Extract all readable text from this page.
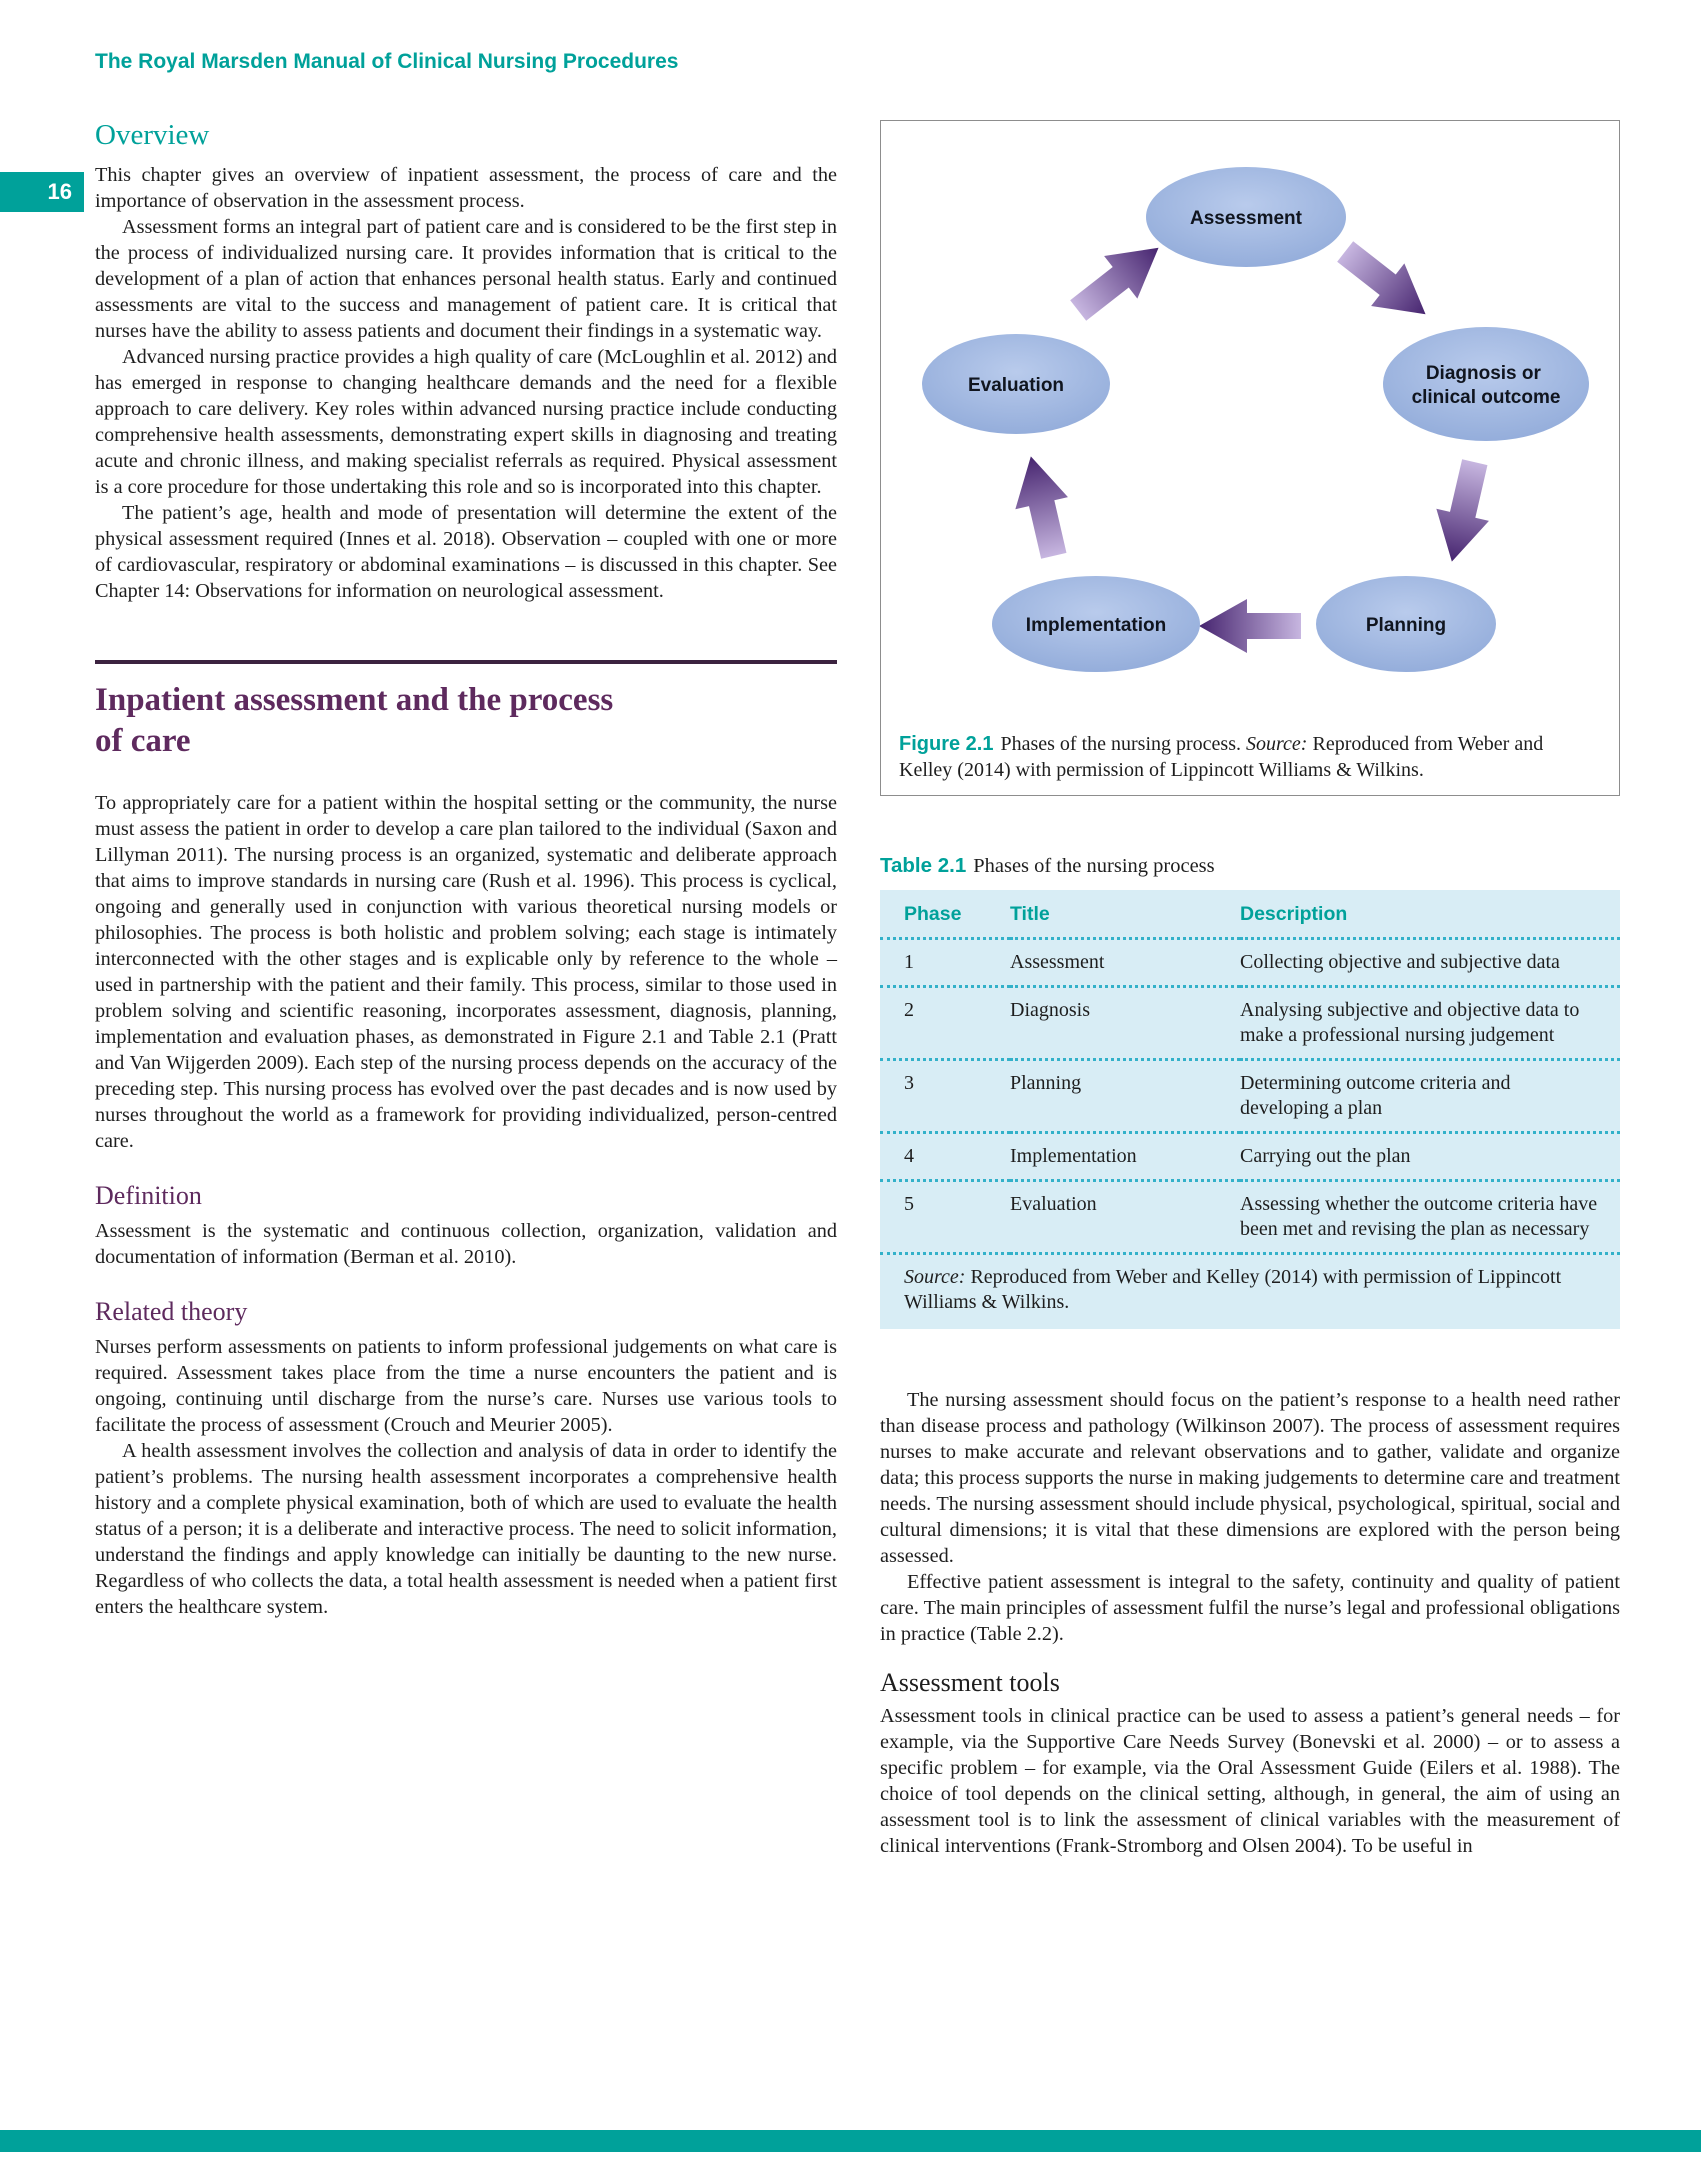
The Royal Marsden Manual of Clinical Nursing Procedures
16
Overview

This chapter gives an overview of inpatient assessment, the process of care and the importance of observation in the assessment process.

Assessment forms an integral part of patient care and is considered to be the first step in the process of individualized nursing care. It provides information that is critical to the development of a plan of action that enhances personal health status. Early and continued assessments are vital to the success and management of patient care. It is critical that nurses have the ability to assess patients and document their findings in a systematic way.

Advanced nursing practice provides a high quality of care (McLoughlin et al. 2012) and has emerged in response to changing healthcare demands and the need for a flexible approach to care delivery. Key roles within advanced nursing practice include conducting comprehensive health assessments, demonstrating expert skills in diagnosing and treating acute and chronic illness, and making specialist referrals as required. Physical assessment is a core procedure for those undertaking this role and so is incorporated into this chapter.

The patient’s age, health and mode of presentation will determine the extent of the physical assessment required (Innes et al. 2018). Observation – coupled with one or more of cardiovascular, respiratory or abdominal examinations – is discussed in this chapter. See Chapter 14: Observations for information on neurological assessment.

Inpatient assessment and the process
of care

To appropriately care for a patient within the hospital setting or the community, the nurse must assess the patient in order to develop a care plan tailored to the individual (Saxon and Lillyman 2011). The nursing process is an organized, systematic and deliberate approach that aims to improve standards in nursing care (Rush et al. 1996). This process is cyclical, ongoing and generally used in conjunction with various theoretical nursing models or philosophies. The process is both holistic and problem solving; each stage is intimately interconnected with the other stages and is explicable only by reference to the whole – used in partnership with the patient and their family. This process, similar to those used in problem solving and scientific reasoning, incorporates assessment, diagnosis, planning, implementation and evaluation phases, as demonstrated in Figure 2.1 and Table 2.1 (Pratt and Van Wijgerden 2009). Each step of the nursing process depends on the accuracy of the preceding step. This nursing process has evolved over the past decades and is now used by nurses throughout the world as a framework for providing individualized, person-centred care.

Definition

Assessment is the systematic and continuous collection, organization, validation and documentation of information (Berman et al. 2010).

Related theory

Nurses perform assessments on patients to inform professional judgements on what care is required. Assessment takes place from the time a nurse encounters the patient and is ongoing, continuing until discharge from the nurse’s care. Nurses use various tools to facilitate the process of assessment (Crouch and Meurier 2005).

A health assessment involves the collection and analysis of data in order to identify the patient’s problems. The nursing health assessment incorporates a comprehensive health history and a complete physical examination, both of which are used to evaluate the health status of a person; it is a deliberate and interactive process. The need to solicit information, understand the findings and apply knowledge can initially be daunting to the new nurse. Regardless of who collects the data, a total health assessment is needed when a patient first enters the healthcare system.

Assessment
Diagnosis or clinical outcome
Planning
Implementation
Evaluation
Figure 2.1 Phases of the nursing process. Source: Reproduced from Weber and Kelley (2014) with permission of Lippincott Williams & Wilkins.

Table 2.1 Phases of the nursing process

Phase	Title	Description
1	Assessment	Collecting objective and subjective data
2	Diagnosis	Analysing subjective and objective data to make a professional nursing judgement
3	Planning	Determining outcome criteria and developing a plan
4	Implementation	Carrying out the plan
5	Evaluation	Assessing whether the outcome criteria have been met and revising the plan as necessary
Source: Reproduced from Weber and Kelley (2014) with permission of Lippincott Williams & Wilkins.		

The nursing assessment should focus on the patient’s response to a health need rather than disease process and pathology (Wilkinson 2007). The process of assessment requires nurses to make accurate and relevant observations and to gather, validate and organize data; this process supports the nurse in making judgements to determine care and treatment needs. The nursing assessment should include physical, psychological, spiritual, social and cultural dimensions; it is vital that these dimensions are explored with the person being assessed.

Effective patient assessment is integral to the safety, continuity and quality of patient care. The main principles of assessment fulfil the nurse’s legal and professional obligations in practice (Table 2.2).

Assessment tools

Assessment tools in clinical practice can be used to assess a patient’s general needs – for example, via the Supportive Care Needs Survey (Bonevski et al. 2000) – or to assess a specific problem – for example, via the Oral Assessment Guide (Eilers et al. 1988). The choice of tool depends on the clinical setting, although, in general, the aim of using an assessment tool is to link the assessment of clinical variables with the measurement of clinical interventions (Frank-Stromborg and Olsen 2004). To be useful in
